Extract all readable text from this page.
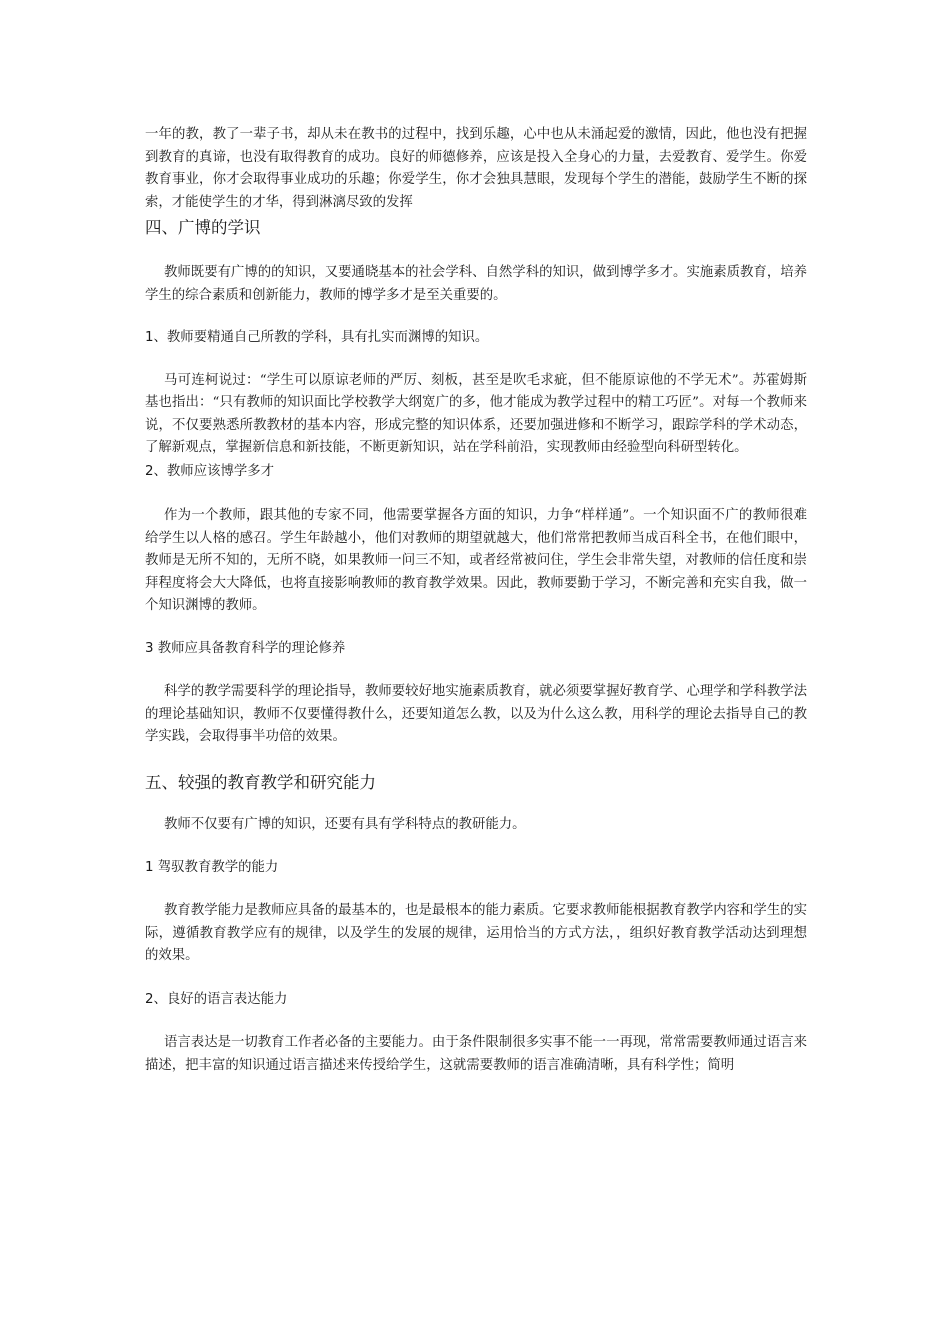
一年的教，教了一辈子书，却从未在教书的过程中，找到乐趣，心中也从未涌起爱的激情，因此，他也没有把握到教育的真谛，也没有取得教育的成功。良好的师德修养，应该是投入全身心的力量，去爱教育、爱学生。你爱教育事业，你才会取得事业成功的乐趣；你爱学生，你才会独具慧眼，发现每个学生的潜能，鼓励学生不断的探索，才能使学生的才华，得到淋漓尽致的发挥

四、广博的学识

教师既要有广博的的知识，又要通晓基本的社会学科、自然学科的知识，做到博学多才。实施素质教育，培养学生的综合素质和创新能力，教师的博学多才是至关重要的。

1、教师要精通自己所教的学科，具有扎实而渊博的知识。

马可连柯说过：“学生可以原谅老师的严厉、刻板，甚至是吹毛求疵，但不能原谅他的不学无术”。苏霍姆斯基也指出：“只有教师的知识面比学校教学大纲宽广的多，他才能成为教学过程中的精工巧匠”。对每一个教师来说，不仅要熟悉所教教材的基本内容，形成完整的知识体系，还要加强进修和不断学习，跟踪学科的学术动态，了解新观点，掌握新信息和新技能，不断更新知识，站在学科前沿，实现教师由经验型向科研型转化。

2、教师应该博学多才

作为一个教师，跟其他的专家不同，他需要掌握各方面的知识，力争“样样通”。一个知识面不广的教师很难给学生以人格的感召。学生年龄越小，他们对教师的期望就越大，他们常常把教师当成百科全书，在他们眼中，教师是无所不知的，无所不晓，如果教师一问三不知，或者经常被问住，学生会非常失望，对教师的信任度和崇拜程度将会大大降低，也将直接影响教师的教育教学效果。因此，教师要勤于学习，不断完善和充实自我，做一个知识渊博的教师。

3 教师应具备教育科学的理论修养

科学的教学需要科学的理论指导，教师要较好地实施素质教育，就必须要掌握好教育学、心理学和学科教学法的理论基础知识，教师不仅要懂得教什么，还要知道怎么教，以及为什么这么教，用科学的理论去指导自己的教学实践，会取得事半功倍的效果。

五、较强的教育教学和研究能力

教师不仅要有广博的知识，还要有具有学科特点的教研能力。

1 驾驭教育教学的能力

教育教学能力是教师应具备的最基本的，也是最根本的能力素质。它要求教师能根据教育教学内容和学生的实际，遵循教育教学应有的规律，以及学生的发展的规律，运用恰当的方式方法，，组织好教育教学活动达到理想的效果。

2、良好的语言表达能力

语言表达是一切教育工作者必备的主要能力。由于条件限制很多实事不能一一再现，常常需要教师通过语言来描述，把丰富的知识通过语言描述来传授给学生，这就需要教师的语言准确清晰，具有科学性；简明
